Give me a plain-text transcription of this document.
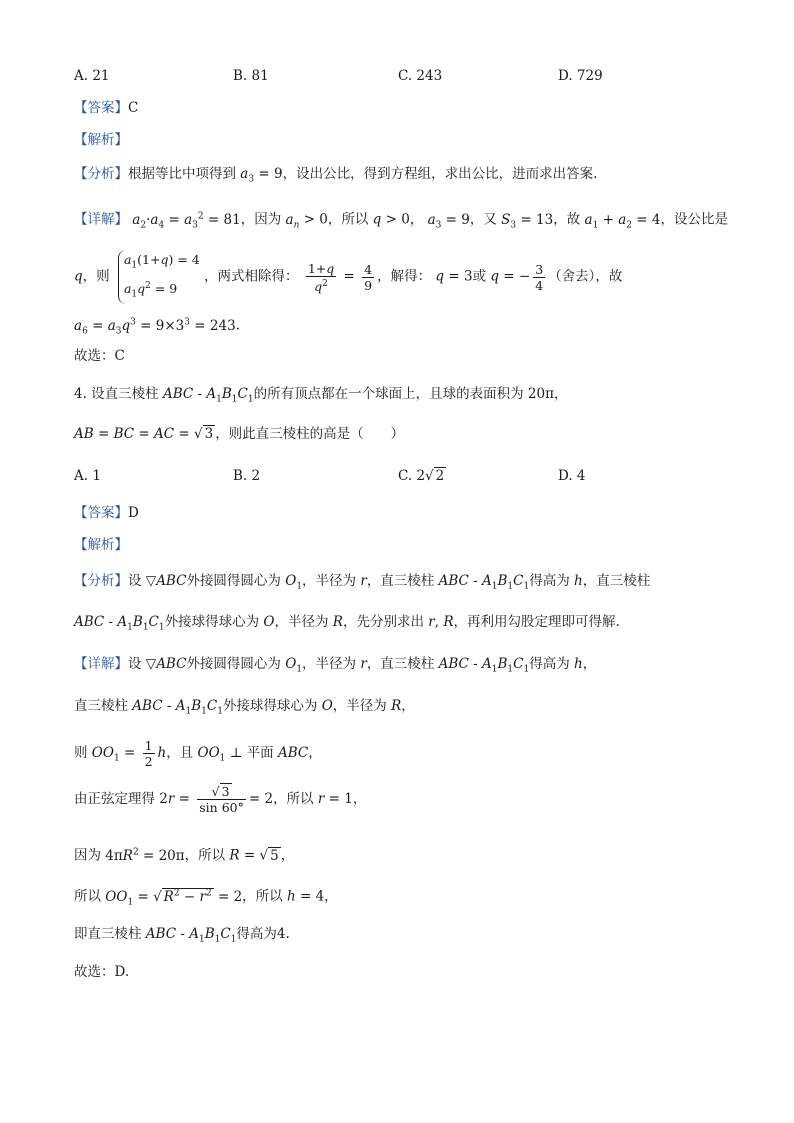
A. 21	B. 81	C. 243	D. 729
【答案】C
【解析】
【分析】根据等比中项得到 $a_3 = 9$，设出公比，得到方程组，求出公比，进而求出答案.
【详解】 $a_2\cdot a_4 = a_3^2 = 81$，因为 $a_n > 0$，所以 q > 0， $a_3 = 9$，又 $S_3 = 13$，故 $a_1 + a_2 = 4$，设公比是
q，则 $a_1(1+q) = 4$
$a_1q^2 = 9$ ，两式相除得： $\frac{1+q}{q^2} = \frac{4}{9}$ ，解得： q = 3或 q = − $\frac{3}{4}$ （舍去），故
$a_6 = a_3q^3 = 9\times 3^3 = 243$.
故选：C
4. 设直三棱柱 ABC - $A_1B_1C_1$的所有顶点都在一个球面上，且球的表面积为 20π，
AB = BC = AC = √ 3 ，则此直三棱柱的高是（　　）
A. 1	B. 2	C. 2√ 2	D. 4
【答案】D
【解析】
【分析】设 ▽ABC外接圆得圆心为 $O_1$，半径为 r，直三棱柱 ABC - $A_1B_1C_1$得高为 h，直三棱柱
ABC - $A_1B_1C_1$外接球得球心为 O，半径为 R，先分别求出 r, R，再利用勾股定理即可得解.
【详解】设 ▽ABC外接圆得圆心为 $O_1$，半径为 r，直三棱柱 ABC - $A_1B_1C_1$得高为 h，
直三棱柱 ABC - $A_1B_1C_1$外接球得球心为 O，半径为 R，
则 $OO_1 = \frac{1}{2}$ h，且 $OO_1$ ⊥ 平面 ABC，
由正弦定理得 $2r = \frac{√ 3}{\sin 60^\circ} = 2$，所以 r = 1，
因为 $4\pi R^2 = 20\pi$，所以 R = √ 5 ，
所以 $OO_1$ = √ $R^2 - r^2 = 2$，所以 h = 4，
即直三棱柱 ABC - $A_1B_1C_1$得高为4.
故选：D.
